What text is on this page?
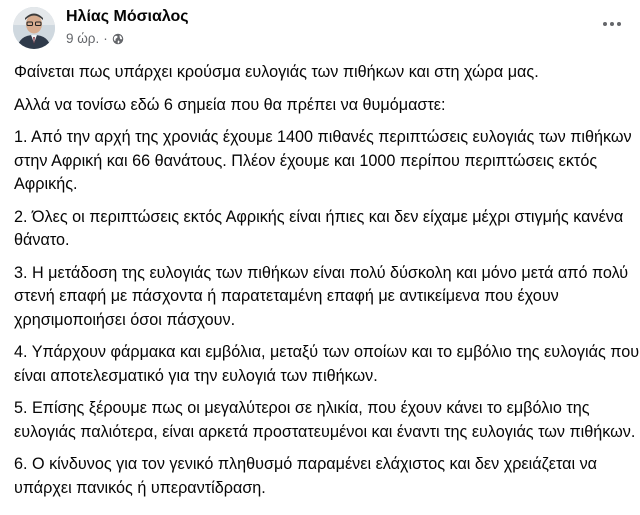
Ηλίας Μόσιαλος
9 ώρ. ·

Φαίνεται πως υπάρχει κρούσμα ευλογιάς των πιθήκων και στη χώρα μας.

Αλλά να τονίσω εδώ 6 σημεία που θα πρέπει να θυμόμαστε:

1. Από την αρχή της χρονιάς έχουμε 1400 πιθανές περιπτώσεις ευλογιάς των πιθήκων στην Αφρική και 66 θανάτους. Πλέον έχουμε και 1000 περίπου περιπτώσεις εκτός Αφρικής.

2. Όλες οι περιπτώσεις εκτός Αφρικής είναι ήπιες και δεν είχαμε μέχρι στιγμής κανένα θάνατο.

3. Η μετάδοση της ευλογιάς των πιθήκων είναι πολύ δύσκολη και μόνο μετά από πολύ στενή επαφή με πάσχοντα ή παρατεταμένη επαφή με αντικείμενα που έχουν χρησιμοποιήσει όσοι πάσχουν.

4. Υπάρχουν φάρμακα και εμβόλια, μεταξύ των οποίων και το εμβόλιο της ευλογιάς που είναι αποτελεσματικό για την ευλογιά των πιθήκων.

5. Επίσης ξέρουμε πως οι μεγαλύτεροι σε ηλικία, που έχουν κάνει το εμβόλιο της ευλογιάς παλιότερα, είναι αρκετά προστατευμένοι και έναντι της ευλογιάς των πιθήκων.

6. Ο κίνδυνος για τον γενικό πληθυσμό παραμένει ελάχιστος και δεν χρειάζεται να υπάρχει πανικός ή υπεραντίδραση.
